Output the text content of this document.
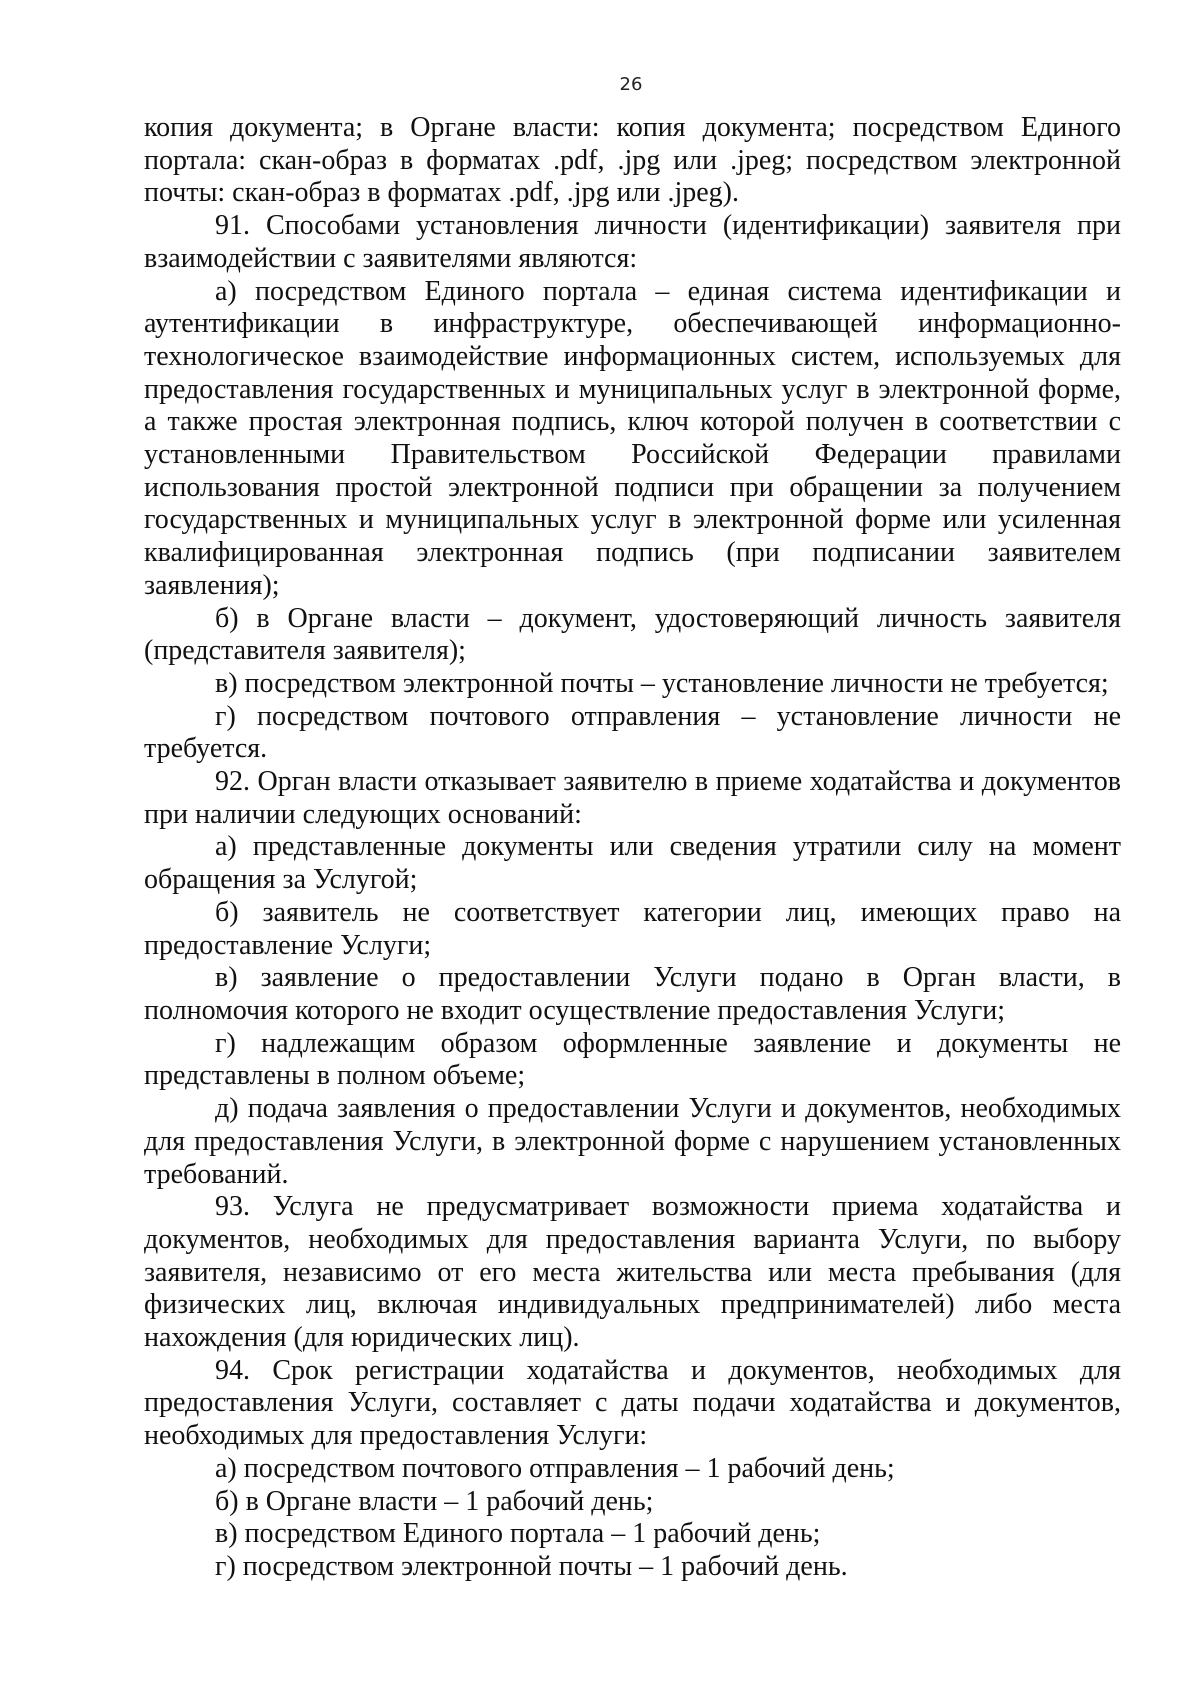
26

копия документа; в Органе власти: копия документа; посредством Единого портала: скан-образ в форматах .pdf, .jpg или .jpeg; посредством электронной почты: скан-образ в форматах .pdf, .jpg или .jpeg).

91. Способами установления личности (идентификации) заявителя при взаимодействии с заявителями являются:

а) посредством Единого портала – единая система идентификации и аутентификации в инфраструктуре, обеспечивающей информационно-технологическое взаимодействие информационных систем, используемых для предоставления государственных и муниципальных услуг в электронной форме, а также простая электронная подпись, ключ которой получен в соответствии с установленными Правительством Российской Федерации правилами использования простой электронной подписи при обращении за получением государственных и муниципальных услуг в электронной форме или усиленная квалифицированная электронная подпись (при подписании заявителем заявления);

б) в Органе власти – документ, удостоверяющий личность заявителя (представителя заявителя);

в) посредством электронной почты – установление личности не требуется;

г) посредством почтового отправления – установление личности не требуется.

92. Орган власти отказывает заявителю в приеме ходатайства и документов при наличии следующих оснований:

а) представленные документы или сведения утратили силу на момент обращения за Услугой;

б) заявитель не соответствует категории лиц, имеющих право на предоставление Услуги;

в) заявление о предоставлении Услуги подано в Орган власти, в полномочия которого не входит осуществление предоставления Услуги;

г) надлежащим образом оформленные заявление и документы не представлены в полном объеме;

д) подача заявления о предоставлении Услуги и документов, необходимых для предоставления Услуги, в электронной форме с нарушением установленных требований.

93. Услуга не предусматривает возможности приема ходатайства и документов, необходимых для предоставления варианта Услуги, по выбору заявителя, независимо от его места жительства или места пребывания (для физических лиц, включая индивидуальных предпринимателей) либо места нахождения (для юридических лиц).

94. Срок регистрации ходатайства и документов, необходимых для предоставления Услуги, составляет с даты подачи ходатайства и документов, необходимых для предоставления Услуги:

а) посредством почтового отправления – 1 рабочий день;

б) в Органе власти – 1 рабочий день;

в) посредством Единого портала – 1 рабочий день;

г) посредством электронной почты – 1 рабочий день.
